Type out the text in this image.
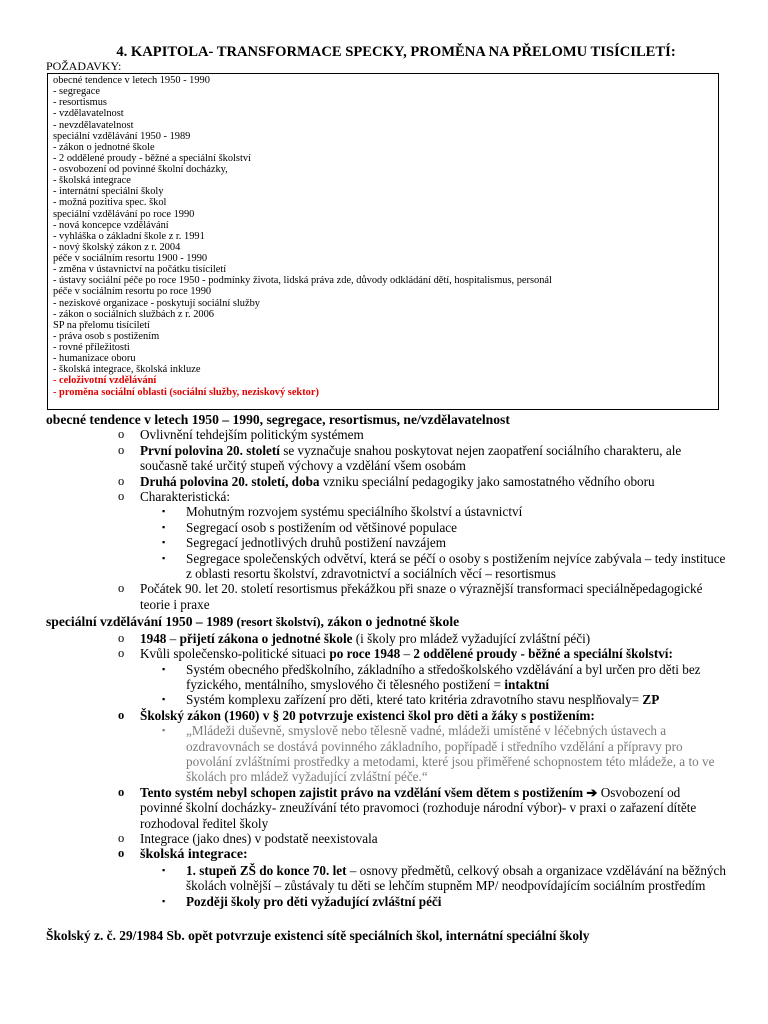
4. KAPITOLA- TRANSFORMACE SPECKY, PROMĚNA NA PŘELOMU TISÍCILETÍ:
POŽADAVKY:
obecné tendence v letech 1950 - 1990
- segregace
- resortismus
- vzdělavatelnost
- nevzdělavatelnost
speciální vzdělávání 1950 - 1989
- zákon o jednotné škole
- 2 oddělené proudy - běžné a speciální školství
- osvobození od povinné školní docházky,
- školská integrace
- internátní speciální školy
- možná pozitiva spec. škol
speciální vzdělávání po roce 1990
- nová koncepce vzdělávání
- vyhláška o základní škole z r. 1991
- nový školský zákon z r. 2004
péče v sociálním resortu 1900 - 1990
- změna v ústavnictví na počátku tisíciletí
- ústavy sociální péče po roce 1950 - podmínky života, lidská práva zde, důvody odkládání dětí, hospitalismus, personál
péče v sociálním resortu po roce 1990
- neziskové organizace - poskytují sociální služby
- zákon o sociálních službách z r. 2006
SP na přelomu tisíciletí
- práva osob s postižením
- rovné příležitosti
- humanizace oboru
- školská integrace, školská inkluze
- celoživotní vzdělávání
- proměna sociální oblasti (sociální služby, neziskový sektor)
obecné tendence v letech 1950 – 1990, segregace, resortismus, ne/vzdělavatelnost
o Ovlivnění tehdejším politickým systémem
o První polovina 20. století se vyznačuje snahou poskytovat nejen zaopatření sociálního charakteru, ale současně také určitý stupeň výchovy a vzdělání všem osobám
o Druhá polovina 20. století, doba vzniku speciální pedagogiky jako samostatného vědního oboru
o Charakteristická:
▪ Mohutným rozvojem systému speciálního školství a ústavnictví
▪ Segregací osob s postižením od většinové populace
▪ Segregací jednotlivých druhů postižení navzájem
▪ Segregace společenských odvětví, která se péčí o osoby s postižením nejvíce zabývala – tedy instituce z oblasti resortu školství, zdravotnictví a sociálních věcí – resortismus
o Počátek 90. let 20. století resortismus překážkou při snaze o výraznější transformaci speciálněpedagogické teorie i praxe
speciální vzdělávání 1950 – 1989 (resort školství), zákon o jednotné škole
o 1948 – přijetí zákona o jednotné škole (i školy pro mládež vyžadující zvláštní péči)
o Kvůli společensko-politické situaci po roce 1948 – 2 oddělené proudy - běžné a speciální školství:
▪ Systém obecného předškolního, základního a středoškolského vzdělávání a byl určen pro děti bez fyzického, mentálního, smyslového či tělesného postižení = intaktní
▪ Systém komplexu zařízení pro děti, které tato kritéria zdravotního stavu nesplňovaly= ZP
o Školský zákon (1960) v § 20 potvrzuje existenci škol pro děti a žáky s postižením:
▪ „Mládeži duševně, smyslově nebo tělesně vadné, mládeži umístěné v léčebných ústavech a ozdravovnách se dostává povinného základního, popřípadě i středního vzdělání a přípravy pro povolání zvláštními prostředky a metodami, které jsou přiměřené schopnostem této mládeže, a to ve školách pro mládež vyžadující zvláštní péče.“
o Tento systém nebyl schopen zajistit právo na vzdělání všem dětem s postižením ➔ Osvobození od povinné školní docházky- zneužívání této pravomoci (rozhoduje národní výbor)- v praxi o zařazení dítěte rozhodoval ředitel školy
o Integrace (jako dnes) v podstatě neexistovala
o školská integrace:
▪ 1. stupeň ZŠ do konce 70. let – osnovy předmětů, celkový obsah a organizace vzdělávání na běžných školách volnější – zůstávaly tu děti se lehčím stupněm MP/ neodpovídajícím sociálním prostředím
▪ Později školy pro děti vyžadující zvláštní péči
Školský z. č. 29/1984 Sb. opět potvrzuje existenci sítě speciálních škol, internátní speciální školy
